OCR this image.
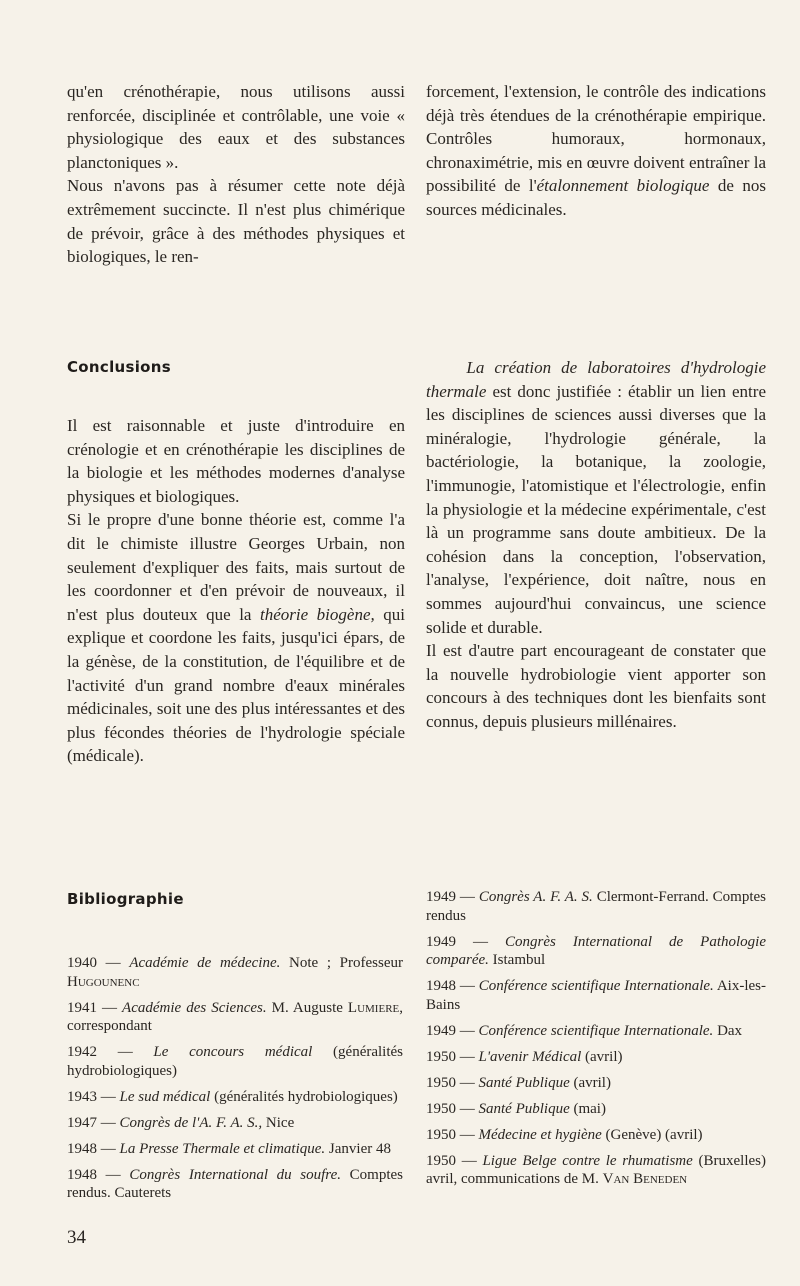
qu'en crénothérapie, nous utilisons aussi renforcée, disciplinée et contrôlable, une voie « physiologique des eaux et des substances planctoniques ».

Nous n'avons pas à résumer cette note déjà extrêmement succincte. Il n'est plus chimérique de prévoir, grâce à des méthodes physiques et biologiques, le ren-

forcement, l'extension, le contrôle des indications déjà très étendues de la crénothérapie empirique. Contrôles humoraux, hormonaux, chronaximétrie, mis en œuvre doivent entraîner la possibilité de l'étalonnement biologique de nos sources médicinales.

Conclusions

Il est raisonnable et juste d'introduire en crénologie et en crénothérapie les disciplines de la biologie et les méthodes modernes d'analyse physiques et biologiques.

Si le propre d'une bonne théorie est, comme l'a dit le chimiste illustre Georges Urbain, non seulement d'expliquer des faits, mais surtout de les coordonner et d'en prévoir de nouveaux, il n'est plus douteux que la théorie biogène, qui explique et coordone les faits, jusqu'ici épars, de la génèse, de la constitution, de l'équilibre et de l'activité d'un grand nombre d'eaux minérales médicinales, soit une des plus intéressantes et des plus fécondes théories de l'hydrologie spéciale (médicale).

La création de laboratoires d'hydrologie thermale est donc justifiée : établir un lien entre les disciplines de sciences aussi diverses que la minéralogie, l'hydrologie générale, la bactériologie, la botanique, la zoologie, l'immunogie, l'atomistique et l'électrologie, enfin la physiologie et la médecine expérimentale, c'est là un programme sans doute ambitieux. De la cohésion dans la conception, l'observation, l'analyse, l'expérience, doit naître, nous en sommes aujourd'hui convaincus, une science solide et durable.

Il est d'autre part encourageant de constater que la nouvelle hydrobiologie vient apporter son concours à des techniques dont les bienfaits sont connus, depuis plusieurs millénaires.

Bibliographie
1940 — Académie de médecine. Note ; Professeur Hugounenc
1941 — Académie des Sciences. M. Auguste Lumiere, correspondant
1942 — Le concours médical (généralités hydrobiologiques)
1943 — Le sud médical (généralités hydrobiologiques)
1947 — Congrès de l'A. F. A. S., Nice
1948 — La Presse Thermale et climatique. Janvier 48
1948 — Congrès International du soufre. Comptes rendus. Cauterets
1949 — Congrès A. F. A. S. Clermont-Ferrand. Comptes rendus
1949 — Congrès International de Pathologie comparée. Istambul
1948 — Conférence scientifique Internationale. Aix-les-Bains
1949 — Conférence scientifique Internationale. Dax
1950 — L'avenir Médical (avril)
1950 — Santé Publique (avril)
1950 — Santé Publique (mai)
1950 — Médecine et hygiène (Genève) (avril)
1950 — Ligue Belge contre le rhumatisme (Bruxelles) avril, communications de M. Van Beneden
34
